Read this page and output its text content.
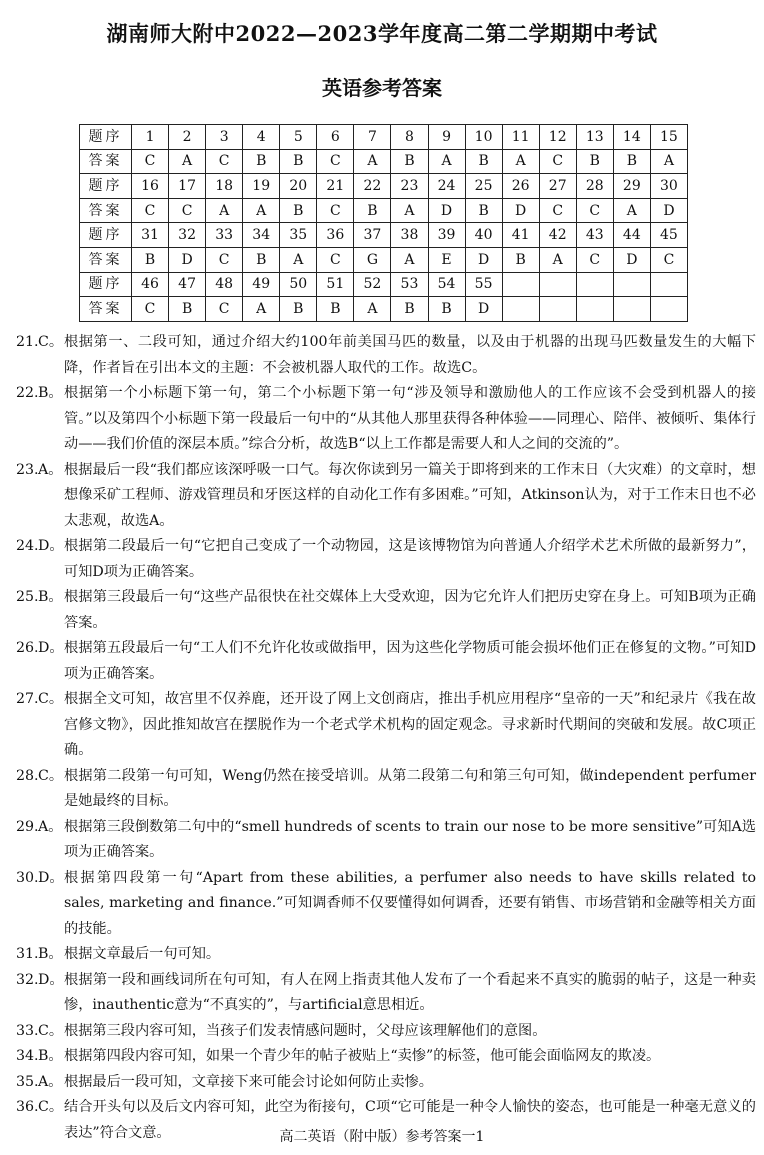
湖南师大附中2022—2023学年度高二第二学期期中考试
英语参考答案
题序	1	2	3	4	5	6	7	8	9	10	11	12	13	14	15
答案	C	A	C	B	B	C	A	B	A	B	A	C	B	B	A
题序	16	17	18	19	20	21	22	23	24	25	26	27	28	29	30
答案	C	C	A	A	B	C	B	A	D	B	D	C	C	A	D
题序	31	32	33	34	35	36	37	38	39	40	41	42	43	44	45
答案	B	D	C	B	A	C	G	A	E	D	B	A	C	D	C
题序	46	47	48	49	50	51	52	53	54	55					
答案	C	B	C	A	B	B	A	B	B	D					
21. C。 根据第一、二段可知，通过介绍大约100年前美国马匹的数量，以及由于机器的出现马匹数量发生的大幅下降，作者旨在引出本文的主题：不会被机器人取代的工作。故选C。
22. B。 根据第一个小标题下第一句，第二个小标题下第一句“涉及领导和激励他人的工作应该不会受到机器人的接管。”以及第四个小标题下第一段最后一句中的“从其他人那里获得各种体验——同理心、陪伴、被倾听、集体行动——我们价值的深层本质。”综合分析，故选B“以上工作都是需要人和人之间的交流的”。
23. A。 根据最后一段“我们都应该深呼吸一口气。每次你读到另一篇关于即将到来的工作末日（大灾难）的文章时，想想像采矿工程师、游戏管理员和牙医这样的自动化工作有多困难。”可知，Atkinson认为，对于工作末日也不必太悲观，故选A。
24. D。 根据第二段最后一句“它把自己变成了一个动物园，这是该博物馆为向普通人介绍学术艺术所做的最新努力”，可知D项为正确答案。
25. B。 根据第三段最后一句“这些产品很快在社交媒体上大受欢迎，因为它允许人们把历史穿在身上。可知B项为正确答案。
26. D。 根据第五段最后一句“工人们不允许化妆或做指甲，因为这些化学物质可能会损坏他们正在修复的文物。”可知D项为正确答案。
27. C。 根据全文可知，故宫里不仅养鹿，还开设了网上文创商店，推出手机应用程序“皇帝的一天”和纪录片《我在故宫修文物》，因此推知故宫在摆脱作为一个老式学术机构的固定观念。寻求新时代期间的突破和发展。故C项正确。
28. C。 根据第二段第一句可知，Weng仍然在接受培训。从第二段第二句和第三句可知，做independent perfumer是她最终的目标。
29. A。 根据第三段倒数第二句中的“smell hundreds of scents to train our nose to be more sensitive”可知A选项为正确答案。
30. D。 根据第四段第一句“Apart from these abilities, a perfumer also needs to have skills related to sales, marketing and finance.”可知调香师不仅要懂得如何调香，还要有销售、市场营销和金融等相关方面的技能。
31. B。 根据文章最后一句可知。
32. D。 根据第一段和画线词所在句可知，有人在网上指责其他人发布了一个看起来不真实的脆弱的帖子，这是一种卖惨，inauthentic意为“不真实的”，与artificial意思相近。
33. C。 根据第三段内容可知，当孩子们发表情感问题时，父母应该理解他们的意图。
34. B。 根据第四段内容可知，如果一个青少年的帖子被贴上“卖惨”的标签，他可能会面临网友的欺凌。
35. A。 根据最后一段可知，文章接下来可能会讨论如何防止卖惨。
36. C。 结合开头句以及后文内容可知，此空为衔接句，C项“它可能是一种令人愉快的姿态，也可能是一种毫无意义的表达”符合文意。	高二英语（附中版）参考答案一1
